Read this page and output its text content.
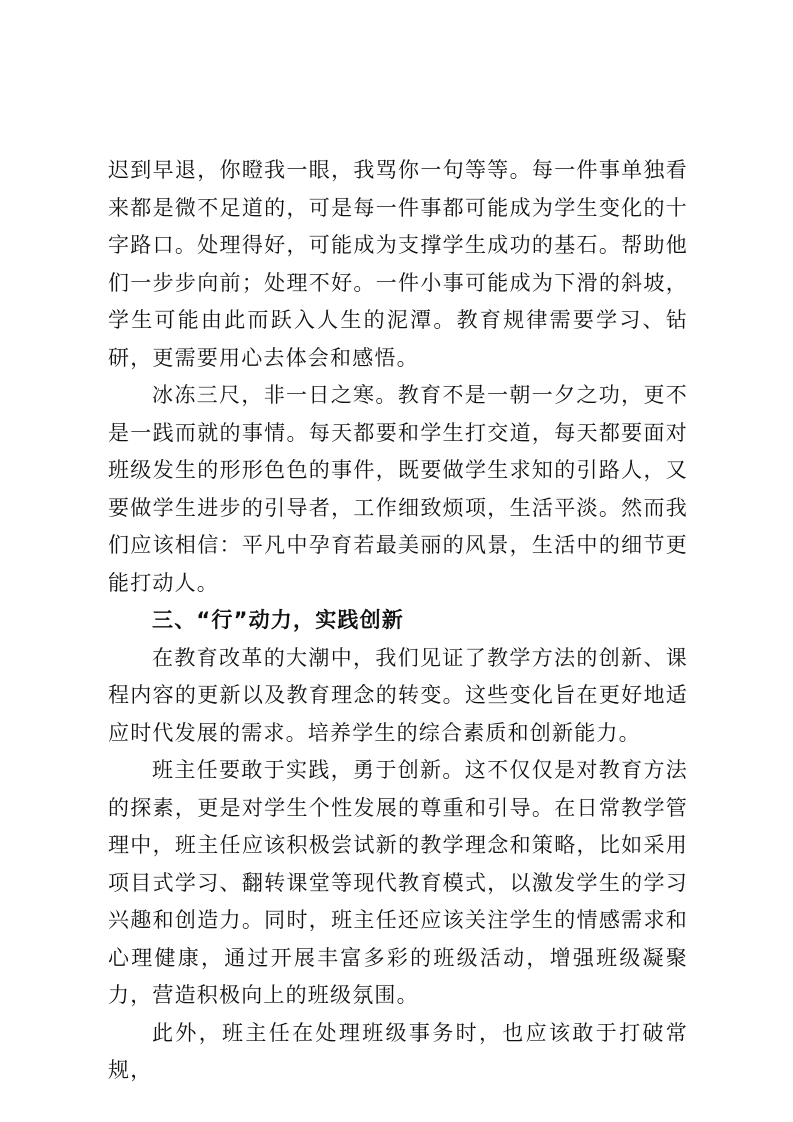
迟到早退，你瞪我一眼，我骂你一句等等。每一件事单独看来都是微不足道的，可是每一件事都可能成为学生变化的十字路口。处理得好，可能成为支撑学生成功的基石。帮助他们一步步向前；处理不好。一件小事可能成为下滑的斜坡，学生可能由此而跃入人生的泥潭。教育规律需要学习、钻研，更需要用心去体会和感悟。

冰冻三尺，非一日之寒。教育不是一朝一夕之功，更不是一践而就的事情。每天都要和学生打交道，每天都要面对班级发生的形形色色的事件，既要做学生求知的引路人，又要做学生进步的引导者，工作细致烦项，生活平淡。然而我们应该相信：平凡中孕育若最美丽的风景，生活中的细节更能打动人。

三、“行”动力，实践创新

在教育改革的大潮中，我们见证了教学方法的创新、课程内容的更新以及教育理念的转变。这些变化旨在更好地适应时代发展的需求。培养学生的综合素质和创新能力。

班主任要敢于实践，勇于创新。这不仅仅是对教育方法的探素，更是对学生个性发展的尊重和引导。在日常教学管理中，班主任应该积极尝试新的教学理念和策略，比如采用项目式学习、翻转课堂等现代教育模式，以激发学生的学习兴趣和创造力。同时，班主任还应该关注学生的情感需求和心理健康，通过开展丰富多彩的班级活动，增强班级凝聚力，营造积极向上的班级氛围。

此外，班主任在处理班级事务时，也应该敢于打破常规，
